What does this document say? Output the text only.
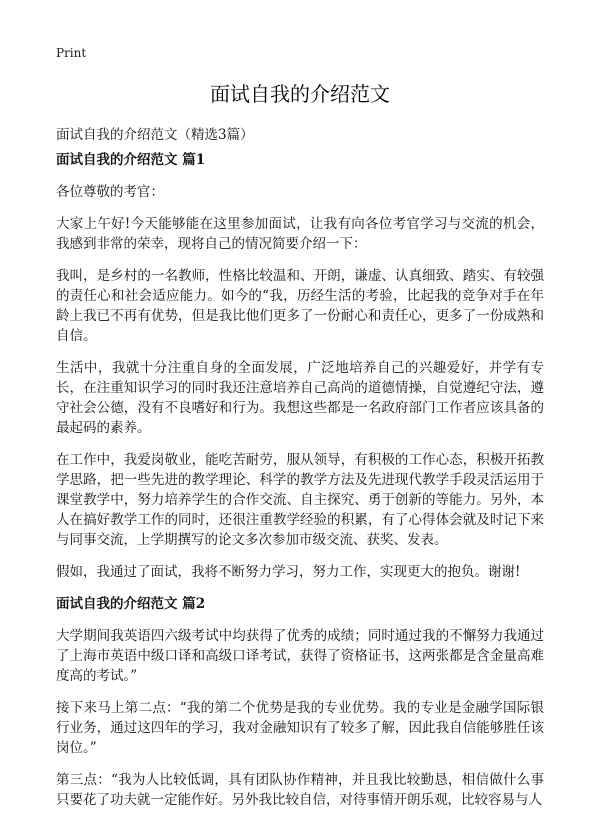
Print
面试自我的介绍范文

面试自我的介绍范文（精选3篇）

面试自我的介绍范文 篇1

各位尊敬的考官：

大家上午好!今天能够能在这里参加面试，让我有向各位考官学习与交流的机会，我感到非常的荣幸，现将自己的情况简要介绍一下：

我叫，是乡村的一名教师，性格比较温和、开朗，谦虚、认真细致、踏实、有较强的责任心和社会适应能力。如今的“我，历经生活的考验，比起我的竞争对手在年龄上我已不再有优势，但是我比他们更多了一份耐心和责任心，更多了一份成熟和自信。

生活中，我就十分注重自身的全面发展，广泛地培养自己的兴趣爱好，并学有专长，在注重知识学习的同时我还注意培养自己高尚的道德情操，自觉遵纪守法，遵守社会公德，没有不良嗜好和行为。我想这些都是一名政府部门工作者应该具备的最起码的素养。

在工作中，我爱岗敬业，能吃苦耐劳，服从领导，有积极的工作心态，积极开拓教学思路，把一些先进的教学理论、科学的教学方法及先进现代教学手段灵活运用于课堂教学中，努力培养学生的合作交流、自主探究、勇于创新的等能力。另外，本人在搞好教学工作的同时，还很注重教学经验的积累，有了心得体会就及时记下来与同事交流，上学期撰写的论文多次参加市级交流、获奖、发表。

假如，我通过了面试，我将不断努力学习，努力工作，实现更大的抱负。谢谢!

面试自我的介绍范文 篇2

大学期间我英语四六级考试中均获得了优秀的成绩；同时通过我的不懈努力我通过了上海市英语中级口译和高级口译考试，获得了资格证书，这两张都是含金量高难度高的考试。”

接下来马上第二点：“我的第二个优势是我的专业优势。我的专业是金融学国际银行业务，通过这四年的学习，我对金融知识有了较多了解，因此我自信能够胜任该岗位。”

第三点：“我为人比较低调，具有团队协作精神，并且我比较勤恳，相信做什么事只要花了功夫就一定能作好。另外我比较自信，对待事情开朗乐观，比较容易与人
